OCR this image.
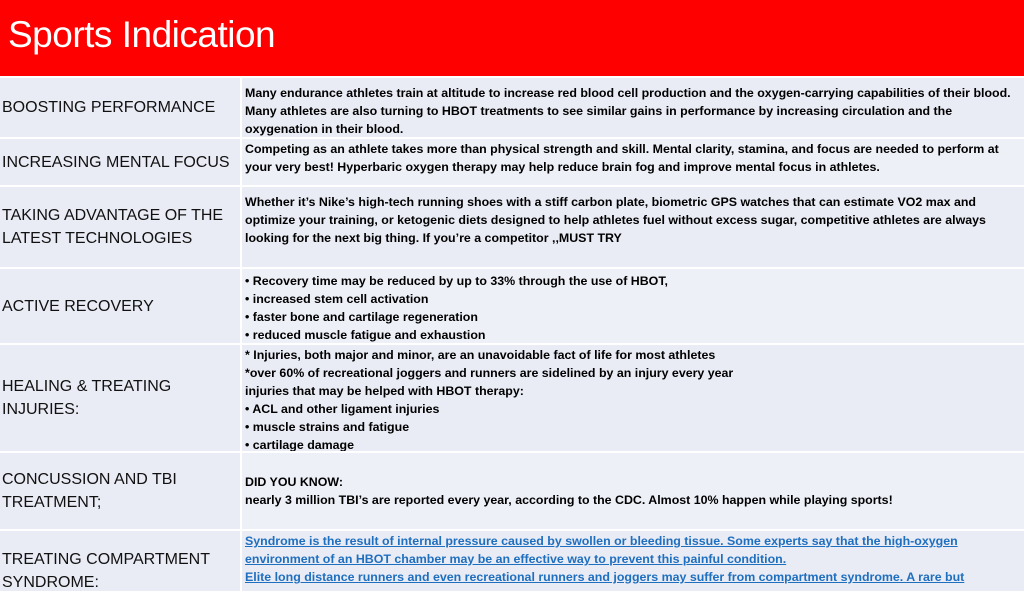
Sports Indication
BOOSTING PERFORMANCE

Many endurance athletes train at altitude to increase red blood cell production and the oxygen-carrying capabilities of their blood. Many athletes are also turning to HBOT treatments to see similar gains in performance by increasing circulation and the oxygenation in their blood.

INCREASING MENTAL FOCUS

Competing as an athlete takes more than physical strength and skill. Mental clarity, stamina, and focus are needed to perform at your very best! Hyperbaric oxygen therapy may help reduce brain fog and improve mental focus in athletes.

TAKING ADVANTAGE OF THE LATEST TECHNOLOGIES

Whether it’s Nike’s high-tech running shoes with a stiff carbon plate, biometric GPS watches that can estimate VO2 max and optimize your training, or ketogenic diets designed to help athletes fuel without excess sugar, competitive athletes are always looking for the next big thing. If you’re a competitor ,,MUST TRY

ACTIVE RECOVERY

• Recovery time may be reduced by up to 33% through the use of HBOT,

• increased stem cell activation

• faster bone and cartilage regeneration

• reduced muscle fatigue and exhaustion

HEALING & TREATING INJURIES:

* Injuries, both major and minor, are an unavoidable fact of life for most athletes

*over 60% of recreational joggers and runners are sidelined by an injury every year

injuries that may be helped with HBOT therapy:

• ACL and other ligament injuries

• muscle strains and fatigue

• cartilage damage

CONCUSSION AND TBI TREATMENT;

DID YOU KNOW:

nearly 3 million TBI’s are reported every year, according to the CDC. Almost 10% happen while playing sports!

TREATING COMPARTMENT SYNDROME:

Syndrome is the result of internal pressure caused by swollen or bleeding tissue. Some experts say that the high-oxygen environment of an HBOT chamber may be an effective way to prevent this painful condition.

Elite long distance runners and even recreational runners and joggers may suffer from compartment syndrome. A rare but
